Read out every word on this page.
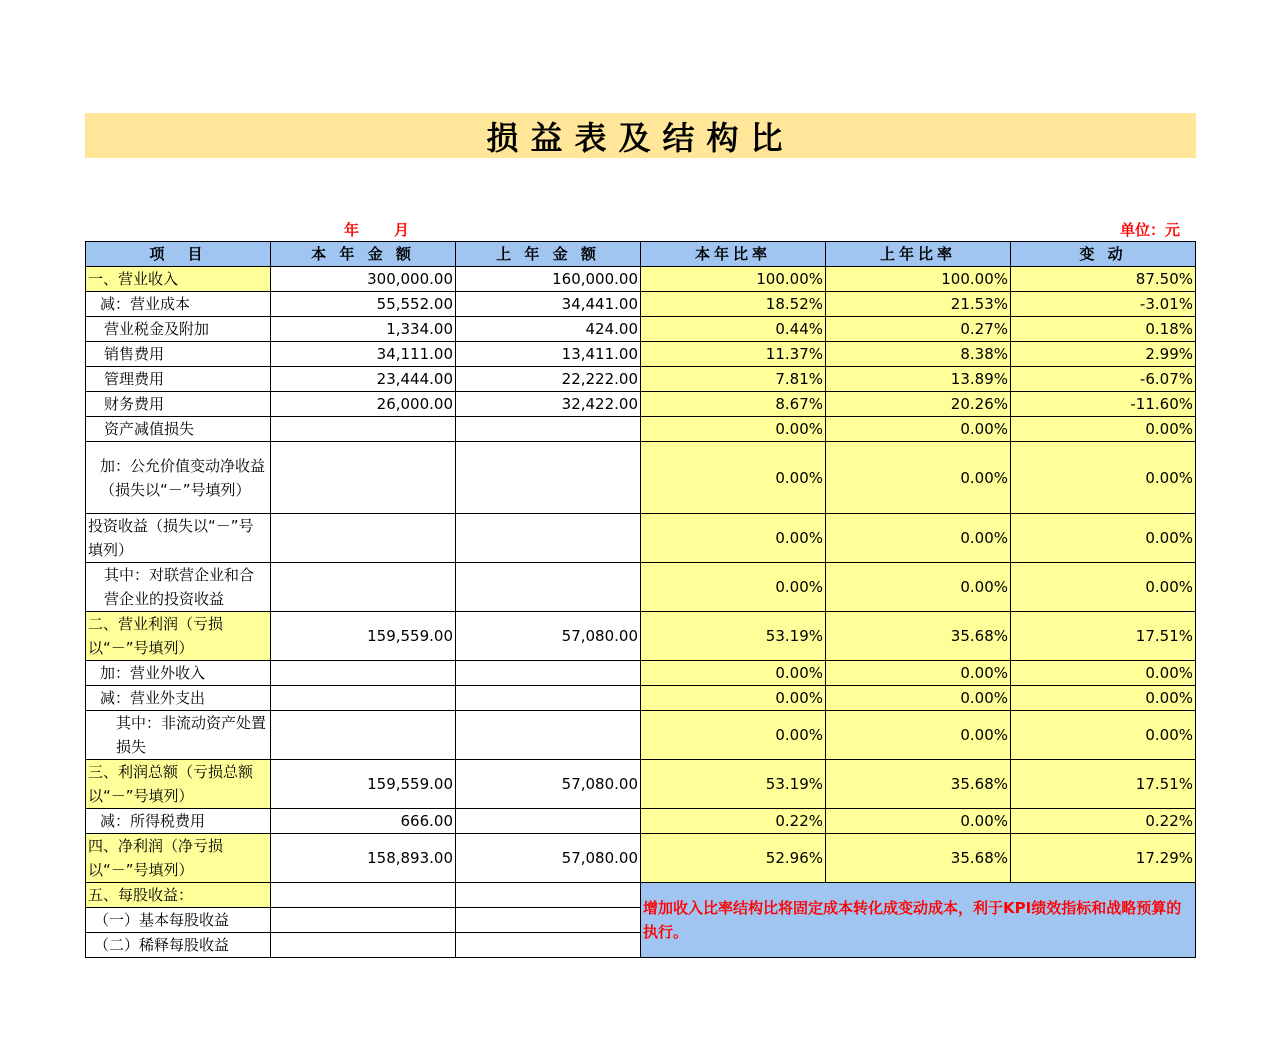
损益表及结构比
年　月	单位：元
项　目	本 年 金 额	上 年 金 额	本年比率	上年比率	变 动
一、营业收入	300,000.00	160,000.00	100.00%	100.00%	87.50%
减：营业成本	55,552.00	34,441.00	18.52%	21.53%	-3.01%
营业税金及附加	1,334.00	424.00	0.44%	0.27%	0.18%
销售费用	34,111.00	13,411.00	11.37%	8.38%	2.99%
管理费用	23,444.00	22,222.00	7.81%	13.89%	-6.07%
财务费用	26,000.00	32,422.00	8.67%	20.26%	-11.60%
资产减值损失			0.00%	0.00%	0.00%
加：公允价值变动净收益（损失以“－”号填列）			0.00%	0.00%	0.00%
投资收益（损失以“－”号填列）			0.00%	0.00%	0.00%
其中：对联营企业和合营企业的投资收益			0.00%	0.00%	0.00%
二、营业利润（亏损以“－”号填列）	159,559.00	57,080.00	53.19%	35.68%	17.51%
加：营业外收入			0.00%	0.00%	0.00%
减：营业外支出			0.00%	0.00%	0.00%
其中：非流动资产处置损失			0.00%	0.00%	0.00%
三、利润总额（亏损总额以“－”号填列）	159,559.00	57,080.00	53.19%	35.68%	17.51%
减：所得税费用	666.00		0.22%	0.00%	0.22%
四、净利润（净亏损以“－”号填列）	158,893.00	57,080.00	52.96%	35.68%	17.29%
五、每股收益：			增加收入比率结构比将固定成本转化成变动成本，利于KPI绩效指标和战略预算的执行。		
（一）基本每股收益					
（二）稀释每股收益					
